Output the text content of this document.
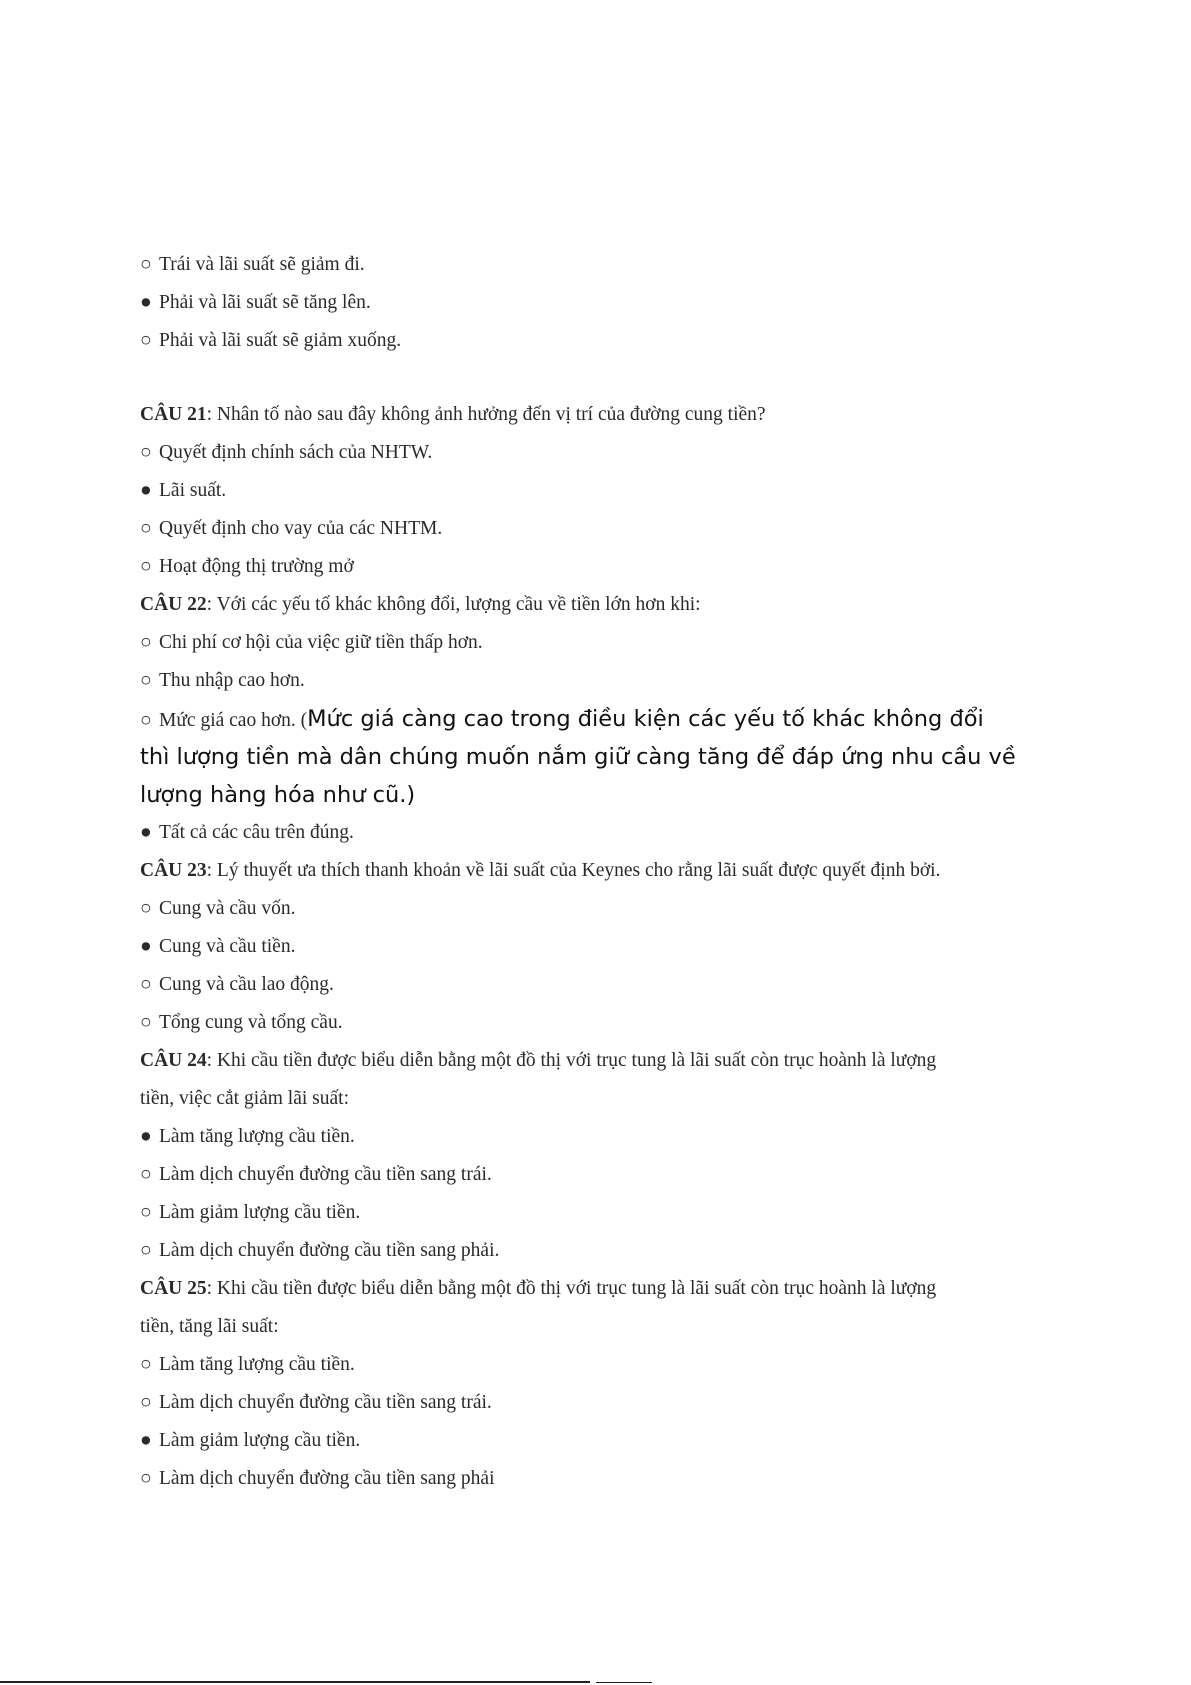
○ Trái và lãi suất sẽ giảm đi.
● Phải và lãi suất sẽ tăng lên.
○ Phải và lãi suất sẽ giảm xuống.
CÂU 21: Nhân tố nào sau đây không ảnh hưởng đến vị trí của đường cung tiền?
○ Quyết định chính sách của NHTW.
● Lãi suất.
○ Quyết định cho vay của các NHTM.
○ Hoạt động thị trường mở
CÂU 22: Với các yếu tố khác không đổi, lượng cầu về tiền lớn hơn khi:
○ Chi phí cơ hội của việc giữ tiền thấp hơn.
○ Thu nhập cao hơn.
○ Mức giá cao hơn. (Mức giá càng cao trong điều kiện các yếu tố khác không đổi
thì lượng tiền mà dân chúng muốn nắm giữ càng tăng để đáp ứng nhu cầu về
lượng hàng hóa như cũ.)
● Tất cả các câu trên đúng.
CÂU 23: Lý thuyết ưa thích thanh khoản về lãi suất của Keynes cho rằng lãi suất được quyết định bởi.
○ Cung và cầu vốn.
● Cung và cầu tiền.
○ Cung và cầu lao động.
○ Tổng cung và tổng cầu.
CÂU 24: Khi cầu tiền được biểu diễn bằng một đồ thị với trục tung là lãi suất còn trục hoành là lượng
tiền, việc cắt giảm lãi suất:
● Làm tăng lượng cầu tiền.
○ Làm dịch chuyển đường cầu tiền sang trái.
○ Làm giảm lượng cầu tiền.
○ Làm dịch chuyển đường cầu tiền sang phải.
CÂU 25: Khi cầu tiền được biểu diễn bằng một đồ thị với trục tung là lãi suất còn trục hoành là lượng
tiền, tăng lãi suất:
○ Làm tăng lượng cầu tiền.
○ Làm dịch chuyển đường cầu tiền sang trái.
● Làm giảm lượng cầu tiền.
○ Làm dịch chuyển đường cầu tiền sang phải
